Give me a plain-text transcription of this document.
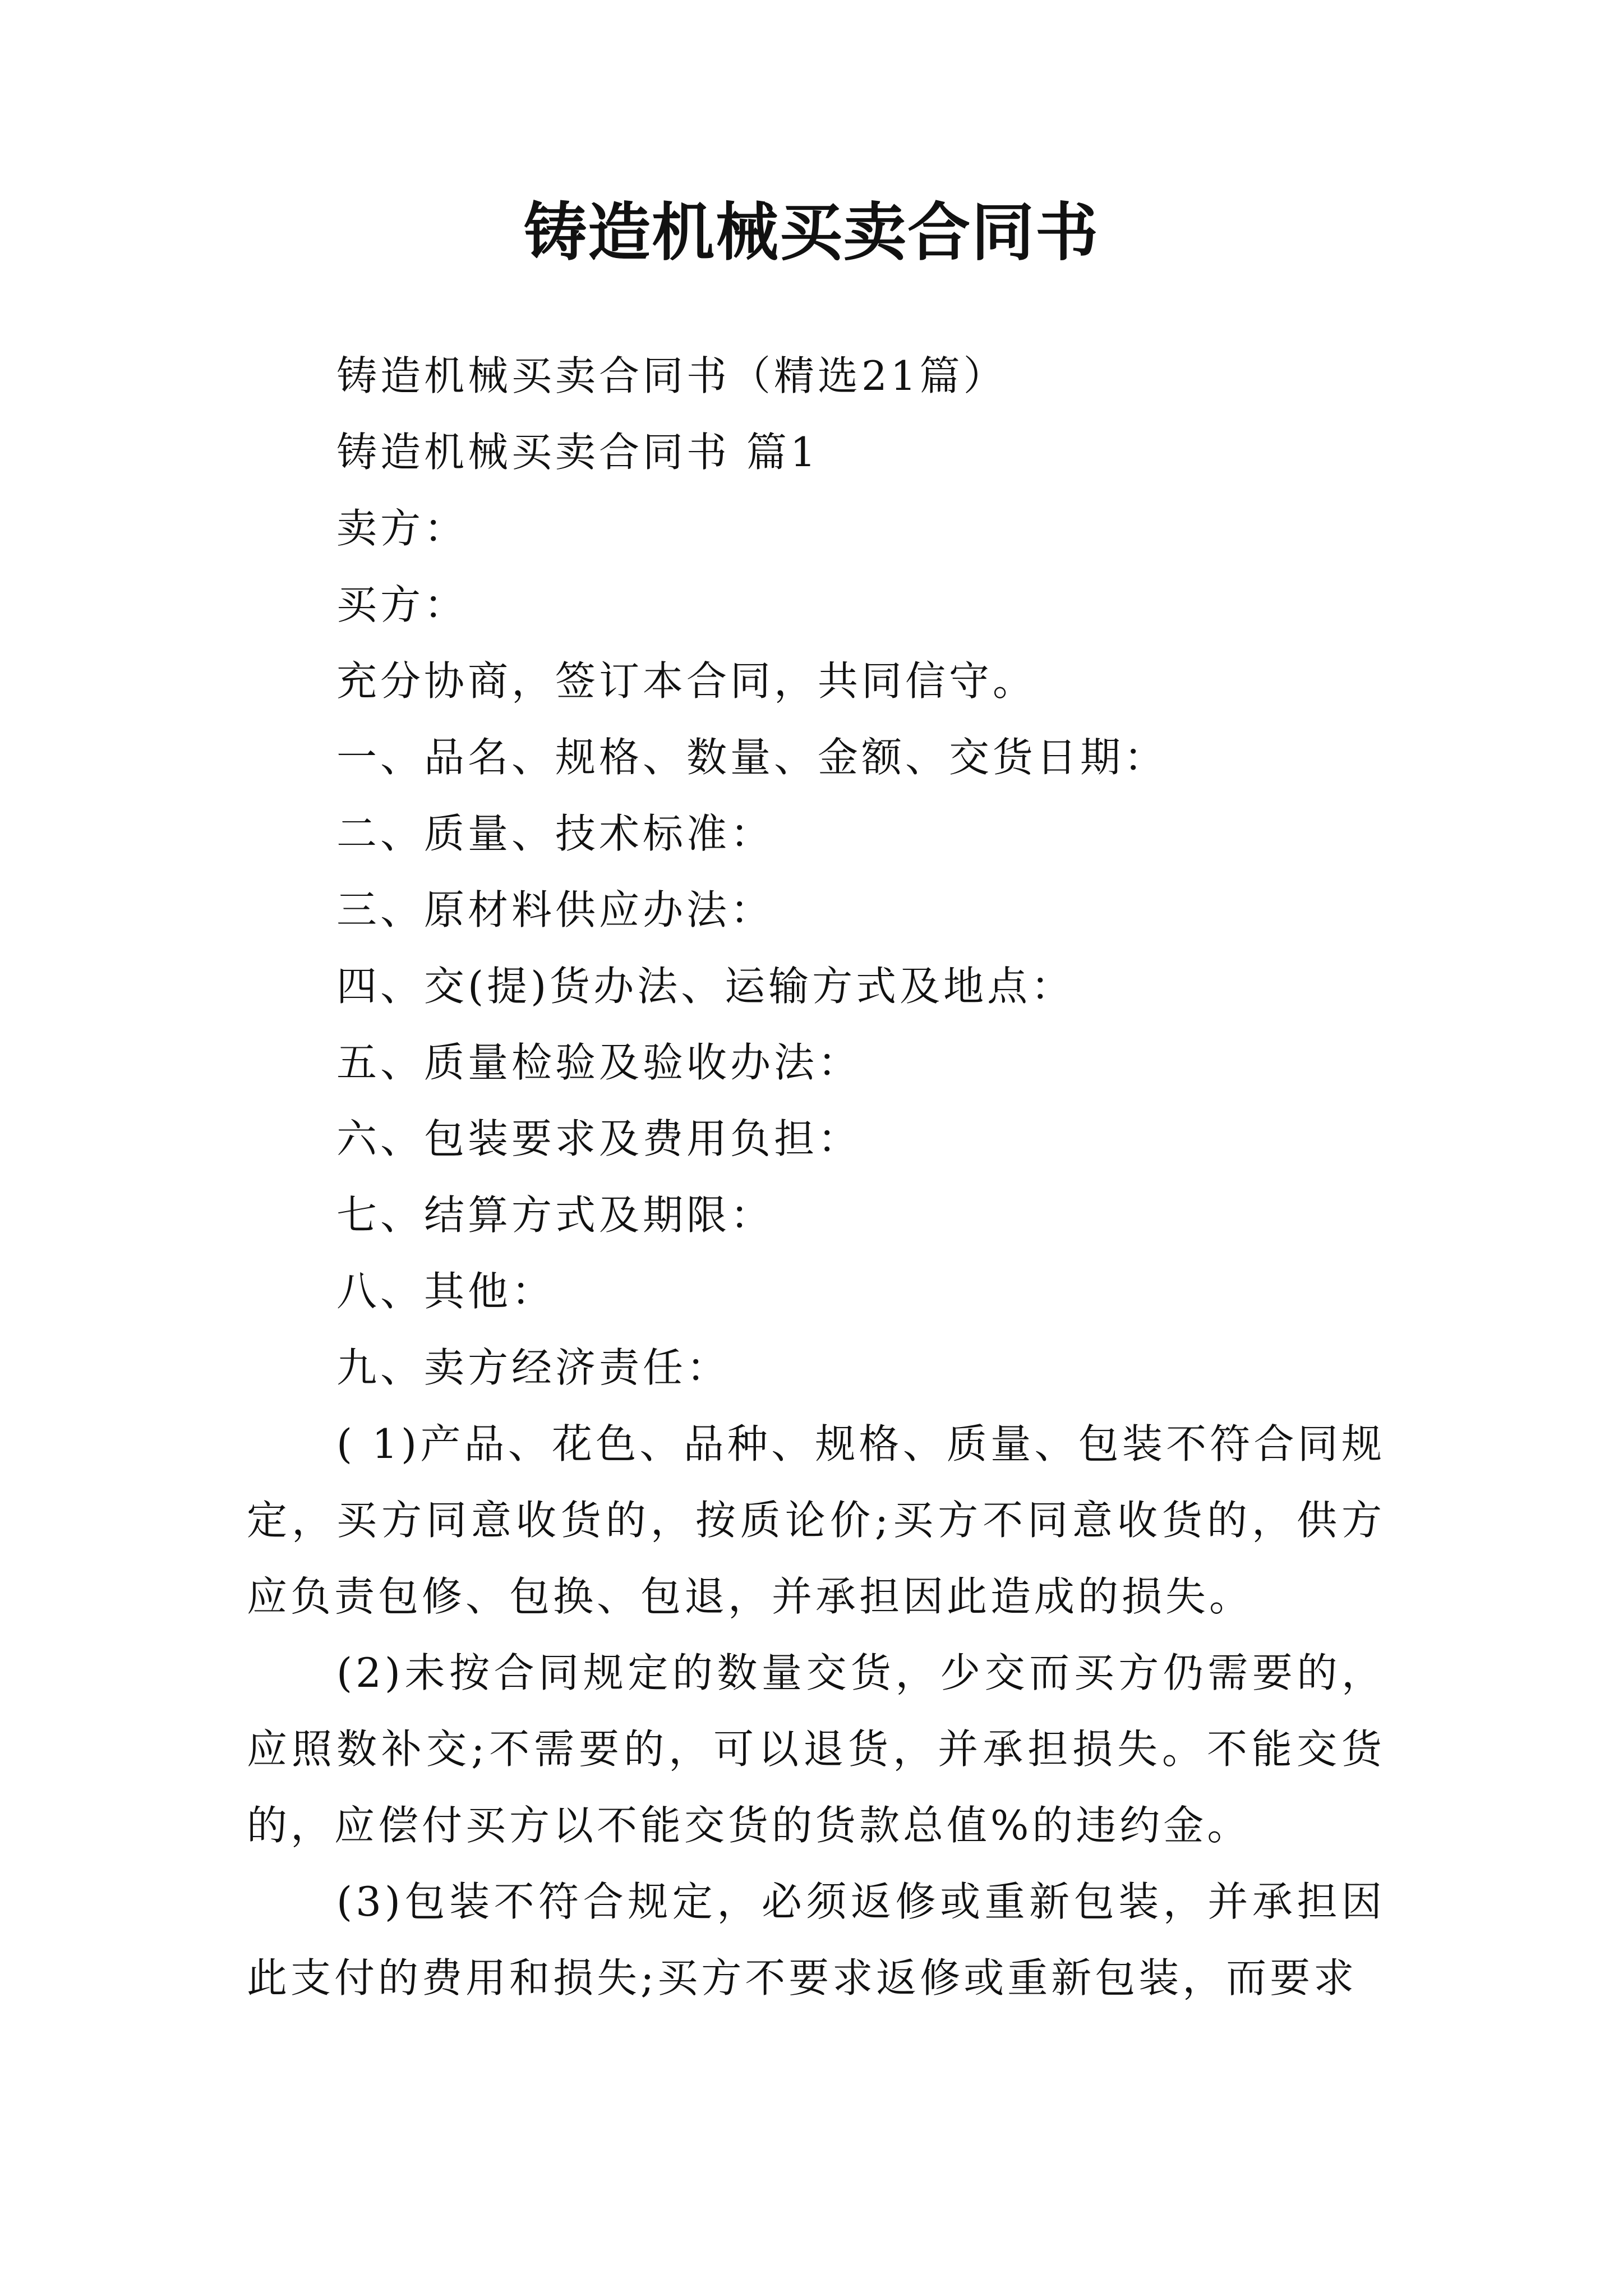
铸造机械买卖合同书

铸造机械买卖合同书（精选21篇）

铸造机械买卖合同书 篇1

卖方：

买方：

充分协商，签订本合同，共同信守。

一、品名、规格、数量、金额、交货日期：

二、质量、技术标准：

三、原材料供应办法：

四、交(提)货办法、运输方式及地点：

五、质量检验及验收办法：

六、包装要求及费用负担：

七、结算方式及期限：

八、其他：

九、卖方经济责任：

( 1)产品、花色、品种、规格、质量、包装不符合同规定，买方同意收货的，按质论价;买方不同意收货的，供方应负责包修、包换、包退，并承担因此造成的损失。

(2)未按合同规定的数量交货，少交而买方仍需要的，应照数补交;不需要的，可以退货，并承担损失。不能交货的，应偿付买方以不能交货的货款总值%的违约金。

(3)包装不符合规定，必须返修或重新包装，并承担因此支付的费用和损失;买方不要求返修或重新包装，而要求
